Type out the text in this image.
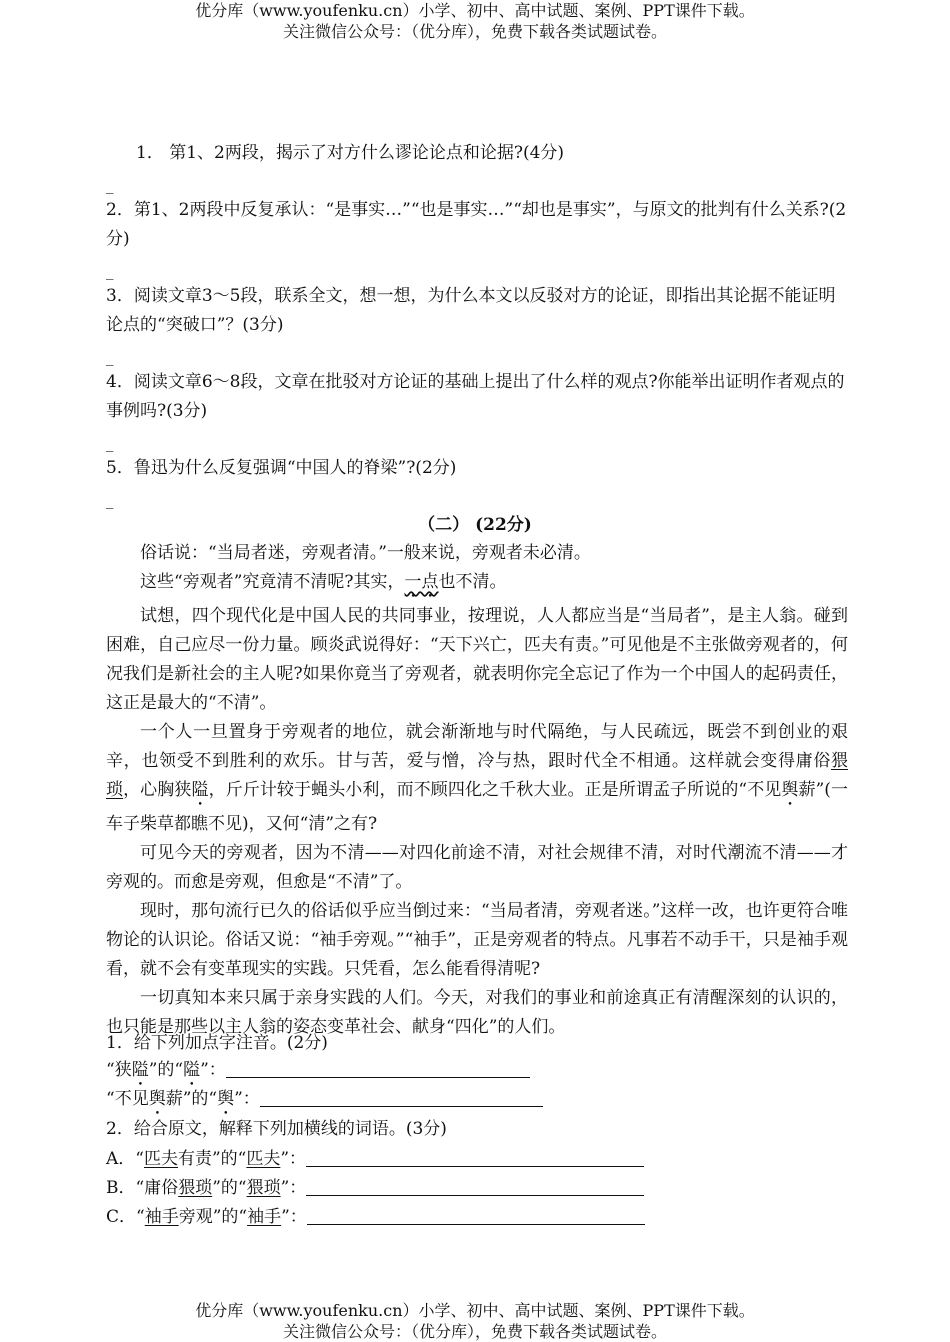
优分库（www.youfenku.cn）小学、初中、高中试题、案例、PPT课件下载。
关注微信公众号：（优分库），免费下载各类试题试卷。
1． 第1、2两段，揭示了对方什么谬论论点和论据?(4分)
_
2．第1、2两段中反复承认：“是事实…”“也是事实…”“却也是事实”，与原文的批判有什么关系?(2分)
_
3．阅读文章3～5段，联系全文，想一想，为什么本文以反驳对方的论证，即指出其论据不能证明论点的“突破口”？(3分)
_
4．阅读文章6～8段，文章在批驳对方论证的基础上提出了什么样的观点?你能举出证明作者观点的事例吗?(3分)
_
5．鲁迅为什么反复强调“中国人的脊梁”?(2分)
_
（二） (22分)

俗话说：“当局者迷，旁观者清。”一般来说，旁观者未必清。

这些“旁观者”究竟清不清呢?其实，一点也不清。

试想，四个现代化是中国人民的共同事业，按理说，人人都应当是“当局者”，是主人翁。碰到困难，自己应尽一份力量。顾炎武说得好：“天下兴亡，匹夫有责。”可见他是不主张做旁观者的，何况我们是新社会的主人呢?如果你竟当了旁观者，就表明你完全忘记了作为一个中国人的起码责任，这正是最大的“不清”。

一个人一旦置身于旁观者的地位，就会渐渐地与时代隔绝，与人民疏远，既尝不到创业的艰辛，也领受不到胜利的欢乐。甘与苦，爱与憎，冷与热，跟时代全不相通。这样就会变得庸俗猥琐，心胸狭隘，斤斤计较于蝇头小利，而不顾四化之千秋大业。正是所谓孟子所说的“不见舆薪”(一车子柴草都瞧不见)，又何“清”之有?

可见今天的旁观者，因为不清——对四化前途不清，对社会规律不清，对时代潮流不清——才旁观的。而愈是旁观，但愈是“不清”了。

现时，那句流行已久的俗话似乎应当倒过来：“当局者清，旁观者迷。”这样一改，也许更符合唯物论的认识论。俗话又说：“袖手旁观。”“袖手”，正是旁观者的特点。凡事若不动手干，只是袖手观看，就不会有变革现实的实践。只凭看，怎么能看得清呢?

一切真知本来只属于亲身实践的人们。今天，对我们的事业和前途真正有清醒深刻的认识的，也只能是那些以主人翁的姿态变革社会、献身“四化”的人们。

1．给下列加点字注音。(2分)
“狭隘”的“隘”：
“不见舆薪”的“舆”：
2．给合原文，解释下列加横线的词语。(3分)
A．“匹夫有责”的“匹夫”：
B．“庸俗猥琐”的“猥琐”：
C．“袖手旁观”的“袖手”：
优分库（www.youfenku.cn）小学、初中、高中试题、案例、PPT课件下载。
关注微信公众号：（优分库），免费下载各类试题试卷。
